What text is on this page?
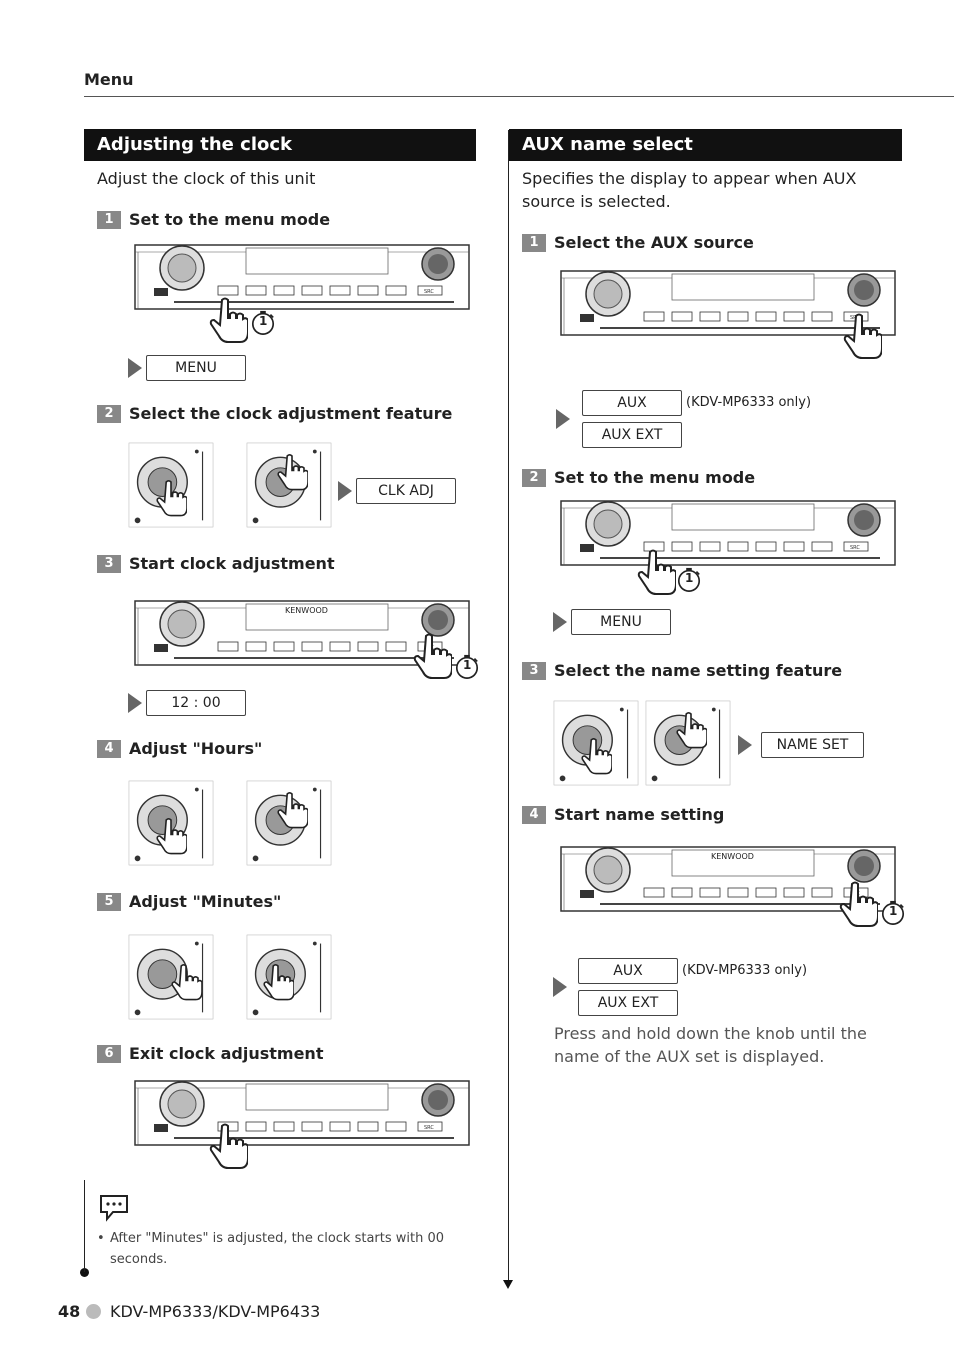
Menu
Adjusting the clock
Adjust the clock of this unit
1 Set to the menu mode
1
MENU
2 Select the clock adjustment feature
CLK ADJ
3 Start clock adjustment
KENWOOD
1
12 : 00
4 Adjust "Hours"
5 Adjust "Minutes"
6 Exit clock adjustment
• After "Minutes" is adjusted, the clock starts with 00 seconds.
AUX name select
Specifies the display to appear when AUX source is selected.
1 Select the AUX source
AUX	(KDV-MP6333 only)
AUX EXT
2 Set to the menu mode
1
MENU
3 Select the name setting feature
NAME SET
4 Start name setting
KENWOOD
1
AUX	(KDV-MP6333 only)
AUX EXT
Press and hold down the knob until the name of the AUX set is displayed.
48 KDV-MP6333/KDV-MP6433
